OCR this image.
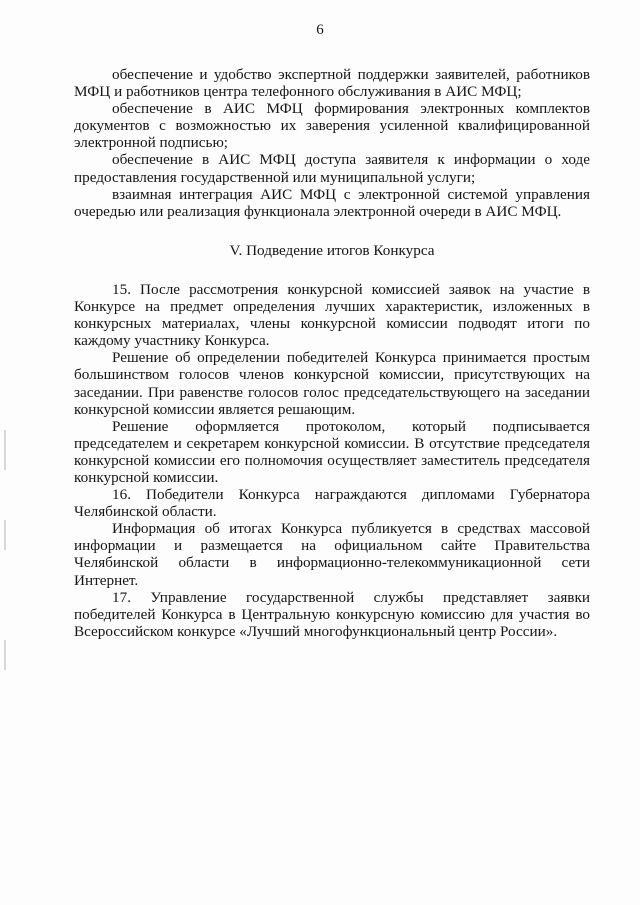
6

обеспечение и удобство экспертной поддержки заявителей, работников МФЦ и работников центра телефонного обслуживания в АИС МФЦ;

обеспечение в АИС МФЦ формирования электронных комплектов документов с возможностью их заверения усиленной квалифицированной электронной подписью;

обеспечение в АИС МФЦ доступа заявителя к информации о ходе предоставления государственной или муниципальной услуги;

взаимная интеграция АИС МФЦ с электронной системой управления очередью или реализация функционала электронной очереди в АИС МФЦ.

V. Подведение итогов Конкурса

15. После рассмотрения конкурсной комиссией заявок на участие в Конкурсе на предмет определения лучших характеристик, изложенных в конкурсных материалах, члены конкурсной комиссии подводят итоги по каждому участнику Конкурса.

Решение об определении победителей Конкурса принимается простым большинством голосов членов конкурсной комиссии, присутствующих на заседании. При равенстве голосов голос председательствующего на заседании конкурсной комиссии является решающим.

Решение оформляется протоколом, который подписывается председателем и секретарем конкурсной комиссии. В отсутствие председателя конкурсной комиссии его полномочия осуществляет заместитель председателя конкурсной комиссии.

16. Победители Конкурса награждаются дипломами Губернатора Челябинской области.

Информация об итогах Конкурса публикуется в средствах массовой информации и размещается на официальном сайте Правительства Челябинской области в информационно-телекоммуникационной сети Интернет.

17. Управление государственной службы представляет заявки победителей Конкурса в Центральную конкурсную комиссию для участия во Всероссийском конкурсе «Лучший многофункциональный центр России».
